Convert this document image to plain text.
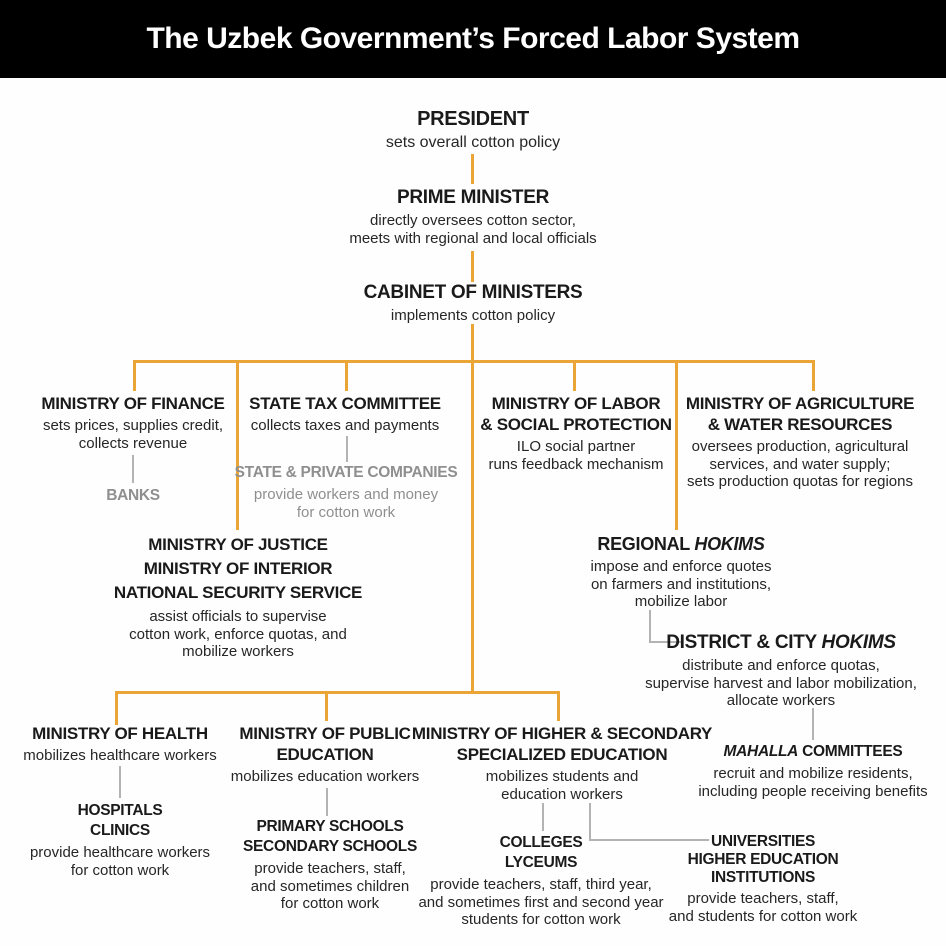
The Uzbek Government’s Forced Labor System
PRESIDENT
sets overall cotton policy
PRIME MINISTER
directly oversees cotton sector,
meets with regional and local officials
CABINET OF MINISTERS
implements cotton policy
MINISTRY OF FINANCE
sets prices, supplies credit,
collects revenue
BANKS
STATE TAX COMMITTEE
collects taxes and payments
STATE & PRIVATE COMPANIES
provide workers and money
for cotton work
MINISTRY OF LABOR
& SOCIAL PROTECTION
ILO social partner
runs feedback mechanism
MINISTRY OF AGRICULTURE
& WATER RESOURCES
oversees production, agricultural
services, and water supply;
sets production quotas for regions
MINISTRY OF JUSTICE
MINISTRY OF INTERIOR
NATIONAL SECURITY SERVICE
assist officials to supervise
cotton work, enforce quotas, and
mobilize workers
REGIONAL HOKIMS
impose and enforce quotes
on farmers and institutions,
mobilize labor
DISTRICT & CITY HOKIMS
distribute and enforce quotas,
supervise harvest and labor mobilization,
allocate workers
MAHALLA COMMITTEES
recruit and mobilize residents,
including people receiving benefits
MINISTRY OF HEALTH
mobilizes healthcare workers
HOSPITALS
CLINICS
provide healthcare workers
for cotton work
MINISTRY OF PUBLIC
EDUCATION
mobilizes education workers
PRIMARY SCHOOLS
SECONDARY SCHOOLS
provide teachers, staff,
and sometimes children
for cotton work
MINISTRY OF HIGHER & SECONDARY
SPECIALIZED EDUCATION
mobilizes students and
education workers
COLLEGES
LYCEUMS
provide teachers, staff, third year,
and sometimes first and second year
students for cotton work
UNIVERSITIES
HIGHER EDUCATION
INSTITUTIONS
provide teachers, staff,
and students for cotton work
